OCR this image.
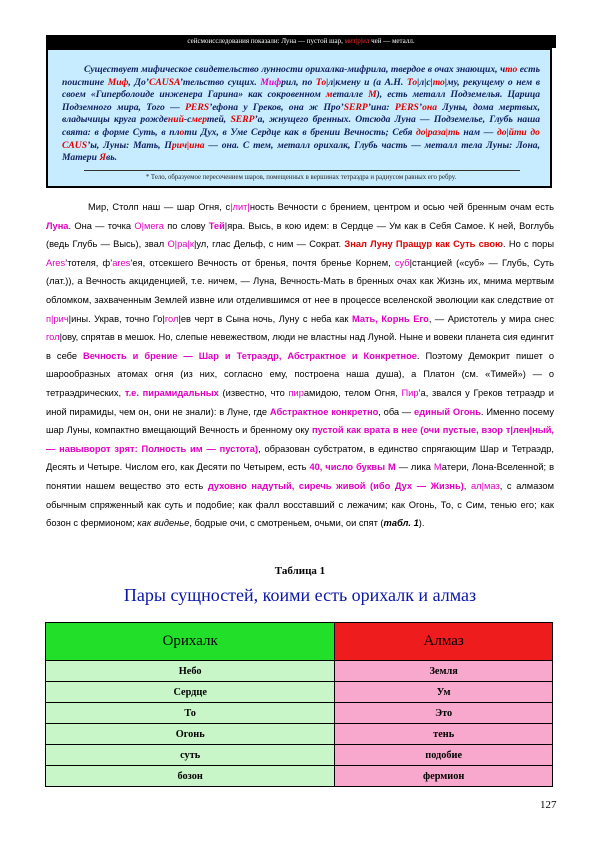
сейсмоисследования показали: Луна — пустой шар, мит|р|ил чей — металл.

Существует мифическое свидетельство лунности орихалка-мифрила, твердое в очах знающих, что есть поистине Миф, До’CAUSA’тельство сущих. Мифрил, по То|л|кмену и (а А.Н. То|л|с|то|му, рекущему о нем в своем «Гиперболоиде инженера Гарина» как сокровенном металле М), есть металл Подземелья. Царица Подземного мира, Того — PERS’ефона у Греков, она ж Про’SERP’ина: PERS’она Луны, дома мертвых, владычицы круга рождений-смертей, SERP’а, жнущего бренных. Отсюда Луна — Подземелье, Глубь наша свята: в форме Суть, в плоти Дух, в Уме Сердце как в брении Вечность; Себя до|раза|ть нам — до|йти до CAUS’ы, Луны: Мать, Прич|ина — она. С тем, металл орихалк, Глубь часть — металл тела Луны: Лона, Матери Явь.

* Тело, образуемое пересечением шаров, помещенных в вершинах тетраэдра и радиусом равных его ребру.

Мир, Столп наш — шар Огня, с|лит|ность Вечности с брением, центром и осью чей бренным очам есть Луна. Она — точка О|мега по слову Тей|яра. Высь, в кою идем: в Сердце — Ум как в Себя Самое. К ней, Воглубь (ведь Глубь — Высь), звал О|ра|к|ул, глас Дельф, с ним — Сократ. Знал Луну Пращур как Суть свою. Но с поры Ares’тотеля, ф’ares’ея, отсекшего Вечность от бренья, почтя бренье Корнем, суб|станцией («суб» — Глубь, Суть (лат.)), а Вечность акциденцией, т.е. ничем, — Луна, Вечность-Мать в бренных очах как Жизнь их, мнима мертвым обломком, захваченным Землей извне или отделившимся от нее в процессе вселенской эволюции как следствие от п|рич|ины. Украв, точно Го|гол|ев черт в Сына ночь, Луну с неба как Мать, Корнь Его, — Аристотель у мира снес гол|ову, спрятав в мешок. Но, слепые невежеством, люди не властны над Луной. Ныне и вовеки планета сия едингит в себе Вечность и брение — Шар и Тетраэдр, Абстрактное и Конкретное. Поэтому Демокрит пишет о шарообразных атомах огня (из них, согласно ему, построена наша душа), а Платон (см. «Тимей») — о тетраэдрических, т.е. пирамидальных (известно, что пирамидою, телом Огня, Пир’а, звался у Греков тетраэдр и иной пирамиды, чем он, они не знали): в Луне, где Абстрактное конкретно, оба — единый Огонь. Именно посему шар Луны, компактно вмещающий Вечность и бренному оку пустой как врата в нее (очи пустые, взор т|лен|ный, — навыворот зрят: Полность им — пустота), образован субстратом, в единство спрягающим Шар и Тетраэдр, Десять и Четыре. Числом его, как Десяти по Четырем, есть 40, число буквы М — лика Матери, Лона-Вселенной; в понятии нашем вещество это есть духовно надутый, сиречь живой (ибо Дух — Жизнь), ал|маз, с алмазом обычным спряженный как суть и подобие; как фалл восставший с лежачим; как Огонь, То, с Сим, тенью его; как бозон с фермионом; как виденье, бодрые очи, с смотреньем, очьми, ои спят (табл. 1).

Таблица 1
Пары сущностей, коими есть орихалк и алмаз
Орихалк	Алмаз
Небо	Земля
Сердце	Ум
То	Это
Огонь	тень
суть	подобие
бозон	фермион
127
